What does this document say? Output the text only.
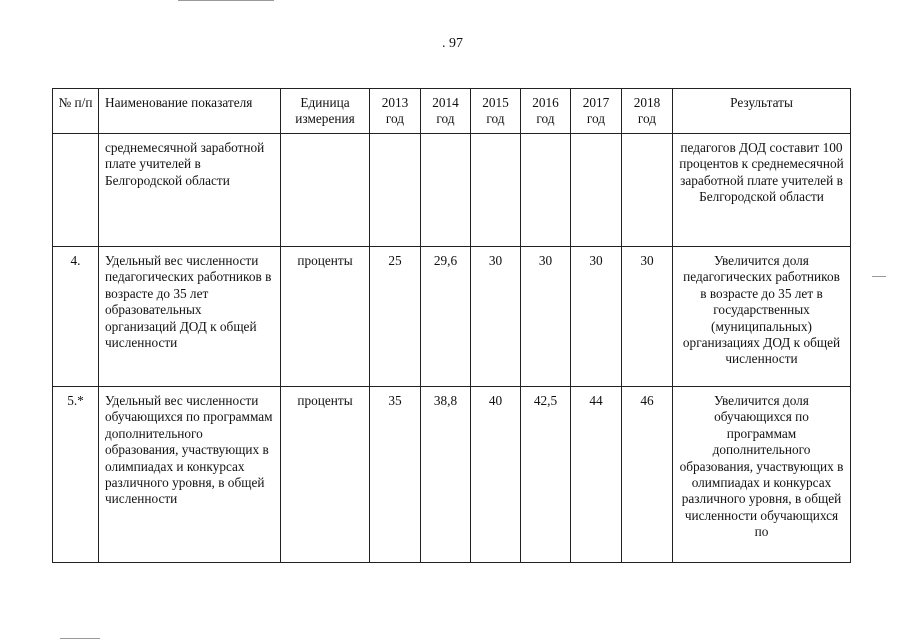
. 97
№ п/п	Наименование показателя	Единица измерения	2013 год	2014 год	2015 год	2016 год	2017 год	2018 год	Результаты
	среднемесячной заработной плате учителей в Белгородской области								педагогов ДОД составит 100 процентов к среднемесячной заработной плате учителей в Белгородской области
4.	Удельный вес численности педагогических работников в возрасте до 35 лет образовательных организаций ДОД к общей численности	проценты	25	29,6	30	30	30	30	Увеличится доля педагогических работников в возрасте до 35 лет в государственных (муниципальных) организациях ДОД к общей численности
5.*	Удельный вес численности обучающихся по программам дополнительного образования, участвующих в олимпиадах и конкурсах различного уровня, в общей численности	проценты	35	38,8	40	42,5	44	46	Увеличится доля обучающихся по программам дополнительного образования, участвующих в олимпиадах и конкурсах различного уровня, в общей численности обучающихся по
